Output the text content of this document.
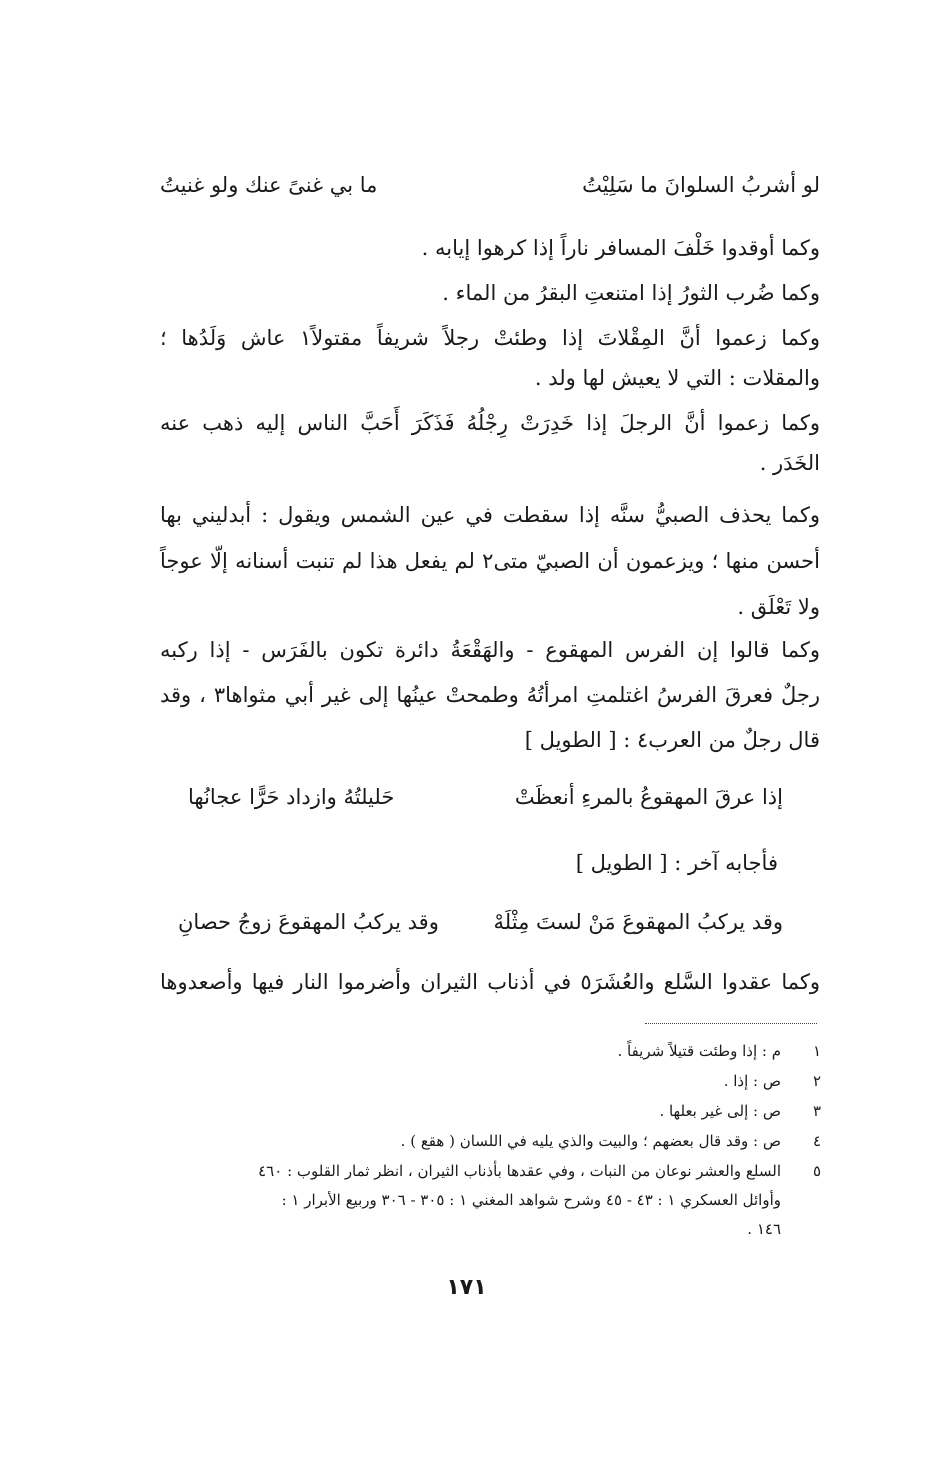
لو أشربُ السلوانَ ما سَلِيْتُ
ما بي غنىً عنك ولو غنيتُ
وكما أوقدوا خَلْفَ المسافر ناراً إذا كرهوا إيابه .
وكما ضُرب الثورُ إذا امتنعتِ البقرُ من الماء .
وكما زعموا أنَّ المِقْلاتَ إذا وطئتْ رجلاً شريفاً مقتولاً١ عاش وَلَدُها ؛
والمقلات : التي لا يعيش لها ولد .
وكما زعموا أنَّ الرجلَ إذا خَدِرَتْ رِجْلُهُ فَذَكَرَ أَحَبَّ الناس إليه ذهب عنه
الخَدَر .
وكما يحذف الصبيُّ سنَّه إذا سقطت في عين الشمس ويقول : أبدليني بها
أحسن منها ؛ ويزعمون أن الصبيّ متى٢ لم يفعل هذا لم تنبت أسنانه إلّا عوجاً
ولا تَعْلَق .
وكما قالوا إن الفرس المهقوع - والهَقْعَةُ دائرة تكون بالفَرَس - إذا ركبه
رجلٌ فعرقَ الفرسُ اغتلمتِ امرأتُهُ وطمحتْ عينُها إلى غير أبي مثواها٣ ، وقد
قال رجلٌ من العرب٤ : [ الطويل ]
إذا عرقَ المهقوعُ بالمرءِ أنعظَتْ
حَليلتُهُ وازداد حَرًّا عجانُها
فأجابه آخر : [ الطويل ]
وقد يركبُ المهقوعَ مَنْ لستَ مِثْلَهْ
وقد يركبُ المهقوعَ زوجُ حصانِ
وكما عقدوا السَّلع والعُشَرَ٥ في أذناب الثيران وأضرموا النار فيها وأصعدوها
١م : إذا وطئت قتيلاً شريفاً .
٢ص : إذا .
٣ص : إلى غير بعلها .
٤ص : وقد قال بعضهم ؛ والبيت والذي يليه في اللسان ( هقع ) .
٥السلع والعشر نوعان من النبات ، وفي عقدها بأذناب الثيران ، انظر ثمار القلوب : ٤٦٠
وأوائل العسكري ١ : ٤٣ - ٤٥ وشرح شواهد المغني ١ : ٣٠٥ - ٣٠٦ وربيع الأبرار ١ :
١٤٦ .
١٧١
